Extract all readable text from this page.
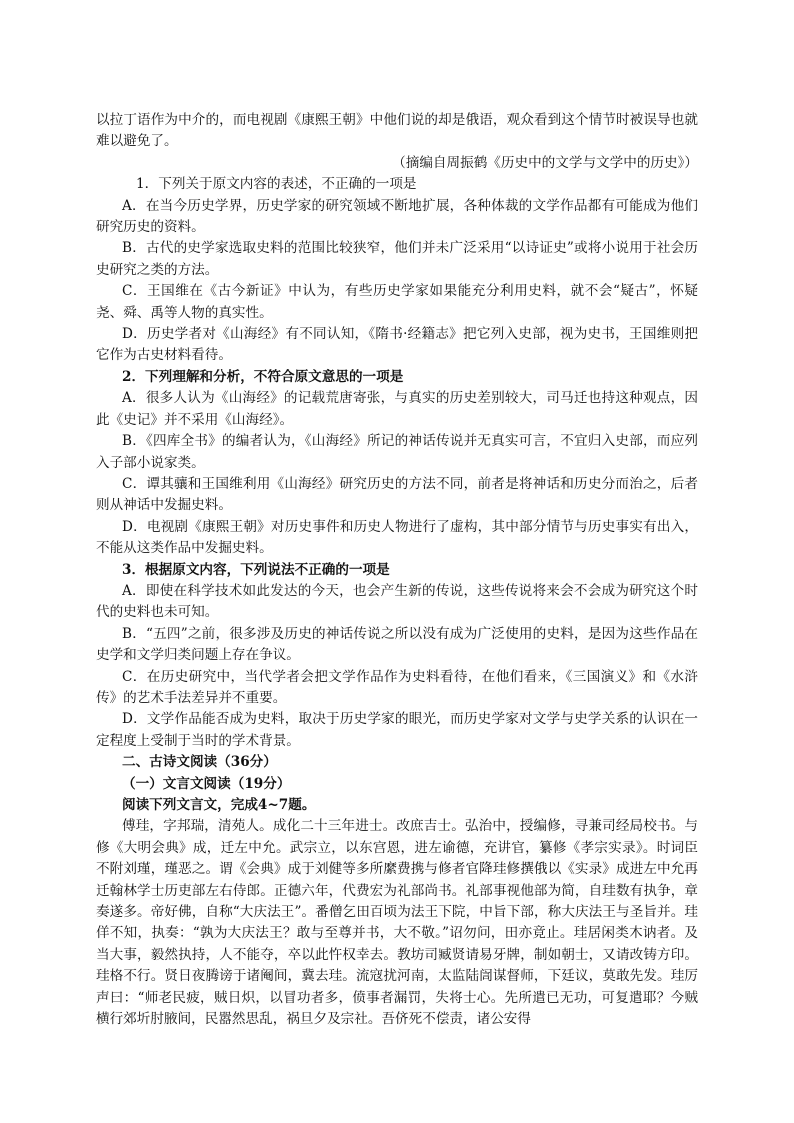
以拉丁语作为中介的，而电视剧《康熙王朝》中他们说的却是俄语，观众看到这个情节时被误导也就难以避免了。

（摘编自周振鹤《历史中的文学与文学中的历史》）

1．下列关于原文内容的表述，不正确的一项是

A．在当今历史学界，历史学家的研究领域不断地扩展，各种体裁的文学作品都有可能成为他们研究历史的资料。

B．古代的史学家选取史料的范围比较狭窄，他们并未广泛采用“以诗证史”或将小说用于社会历史研究之类的方法。

C．王国维在《古今新证》中认为，有些历史学家如果能充分利用史料，就不会“疑古”，怀疑尧、舜、禹等人物的真实性。

D．历史学者对《山海经》有不同认知，《隋书·经籍志》把它列入史部，视为史书，王国维则把它作为古史材料看待。

2．下列理解和分析，不符合原文意思的一项是

A．很多人认为《山海经》的记载荒唐寄张，与真实的历史差别较大，司马迁也持这种观点，因此《史记》并不采用《山海经》。

B．《四库全书》的编者认为，《山海经》所记的神话传说并无真实可言，不宜归入史部，而应列入子部小说家类。

C．谭其骧和王国维利用《山海经》研究历史的方法不同，前者是将神话和历史分而治之，后者则从神话中发掘史料。

D．电视剧《康熙王朝》对历史事件和历史人物进行了虚构，其中部分情节与历史事实有出入，不能从这类作品中发掘史料。

3．根据原文内容，下列说法不正确的一项是

A．即使在科学技术如此发达的今天，也会产生新的传说，这些传说将来会不会成为研究这个时代的史料也未可知。

B．“五四”之前，很多涉及历史的神话传说之所以没有成为广泛使用的史料，是因为这些作品在史学和文学归类问题上存在争议。

C．在历史研究中，当代学者会把文学作品作为史料看待，在他们看来，《三国演义》和《水浒传》的艺术手法差异并不重要。

D．文学作品能否成为史料，取决于历史学家的眼光，而历史学家对文学与史学关系的认识在一定程度上受制于当时的学术背景。

二、古诗文阅读（36分）

（一）文言文阅读（19分）

阅读下列文言文，完成4~7题。

傅珪，字邦瑞，清苑人。成化二十三年进士。改庶吉士。弘治中，授编修，寻兼司经局校书。与修《大明会典》成，迁左中允。武宗立，以东宫恩，进左谕德，充讲官，纂修《孝宗实录》。时词臣不附刘瑾，瑾恶之。谓《会典》成于刘健等多所縻费携与修者官降珪修撰俄以《实录》成进左中允再迁翰林学士历吏部左右侍郎。正德六年，代费宏为礼部尚书。礼部事视他部为简，自珪数有执争，章奏遂多。帝好佛，自称“大庆法王”。番僧乞田百顷为法王下院，中旨下部，称大庆法王与圣旨并。珪佯不知，执奏：“孰为大庆法王？敢与至尊并书，大不敬。”诏勿问，田亦竟止。珪居闲类木讷者。及当大事，毅然执持，人不能夺，卒以此忤权幸去。教坊司臧贤请易牙牌，制如朝士，又请改铸方印。珪格不行。贤日夜腾谤于诸阉间，冀去珪。流寇扰河南，太监陆訚谋督师，下廷议，莫敢先发。珪厉声曰：“师老民疲，贼日炽，以冒功者多，偾事者漏罚，失将士心。先所遣已无功，可复遣耶？今贼横行郊圻肘腋间，民嚣然思乱，祸旦夕及宗社。吾侪死不偿责，诸公安得
